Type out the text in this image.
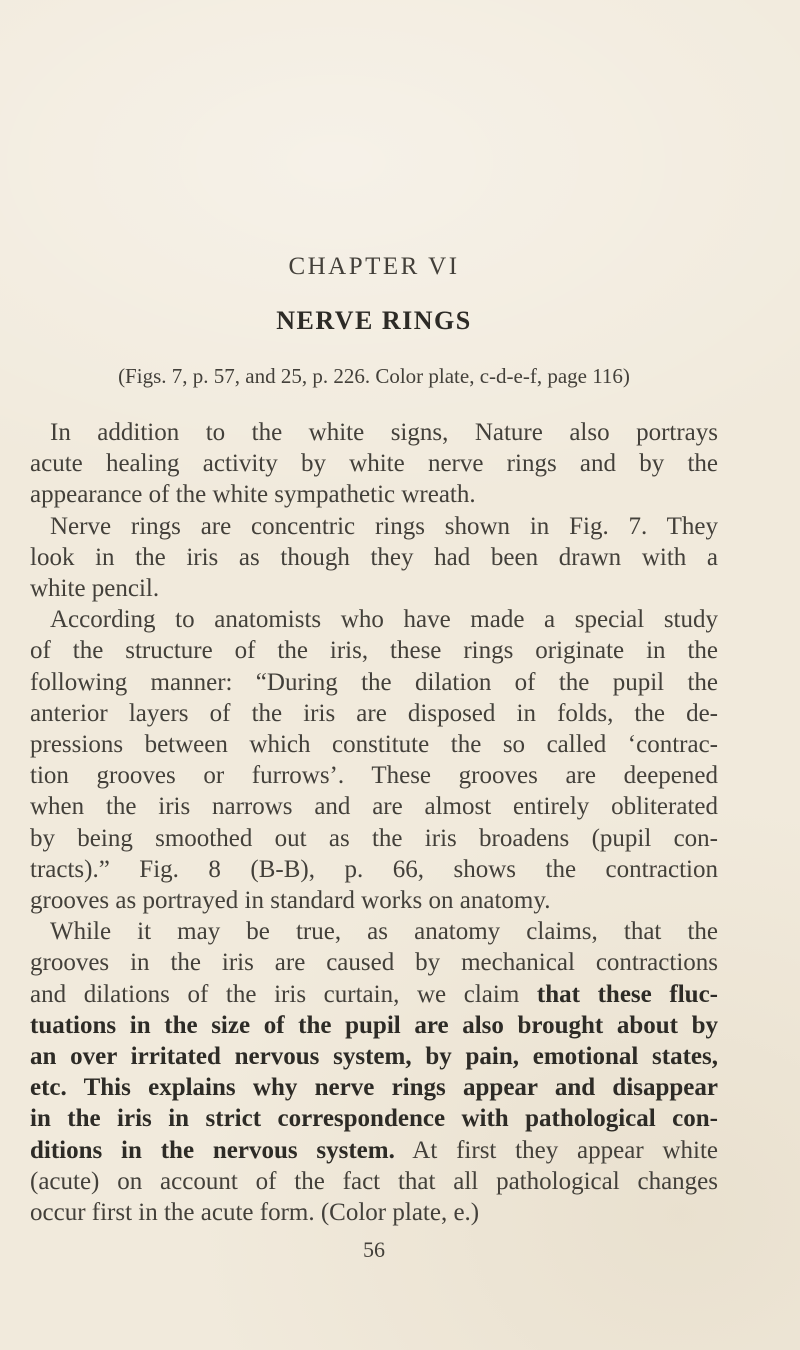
CHAPTER VI
NERVE RINGS
(Figs. 7, p. 57, and 25, p. 226. Color plate, c-d-e-f, page 116)
In addition to the white signs, Nature also portrays
acute healing activity by white nerve rings and by the
appearance of the white sympathetic wreath.
Nerve rings are concentric rings shown in Fig. 7. They
look in the iris as though they had been drawn with a
white pencil.
According to anatomists who have made a special study
of the structure of the iris, these rings originate in the
following manner: “During the dilation of the pupil the
anterior layers of the iris are disposed in folds, the de-
pressions between which constitute the so called ‘contrac-
tion grooves or furrows’. These grooves are deepened
when the iris narrows and are almost entirely obliterated
by being smoothed out as the iris broadens (pupil con-
tracts).” Fig. 8 (B-B), p. 66, shows the contraction
grooves as portrayed in standard works on anatomy.
While it may be true, as anatomy claims, that the
grooves in the iris are caused by mechanical contractions
and dilations of the iris curtain, we claim that these fluc-
tuations in the size of the pupil are also brought about by
an over irritated nervous system, by pain, emotional states,
etc. This explains why nerve rings appear and disappear
in the iris in strict correspondence with pathological con-
ditions in the nervous system. At first they appear white
(acute) on account of the fact that all pathological changes
occur first in the acute form. (Color plate, e.)
56
